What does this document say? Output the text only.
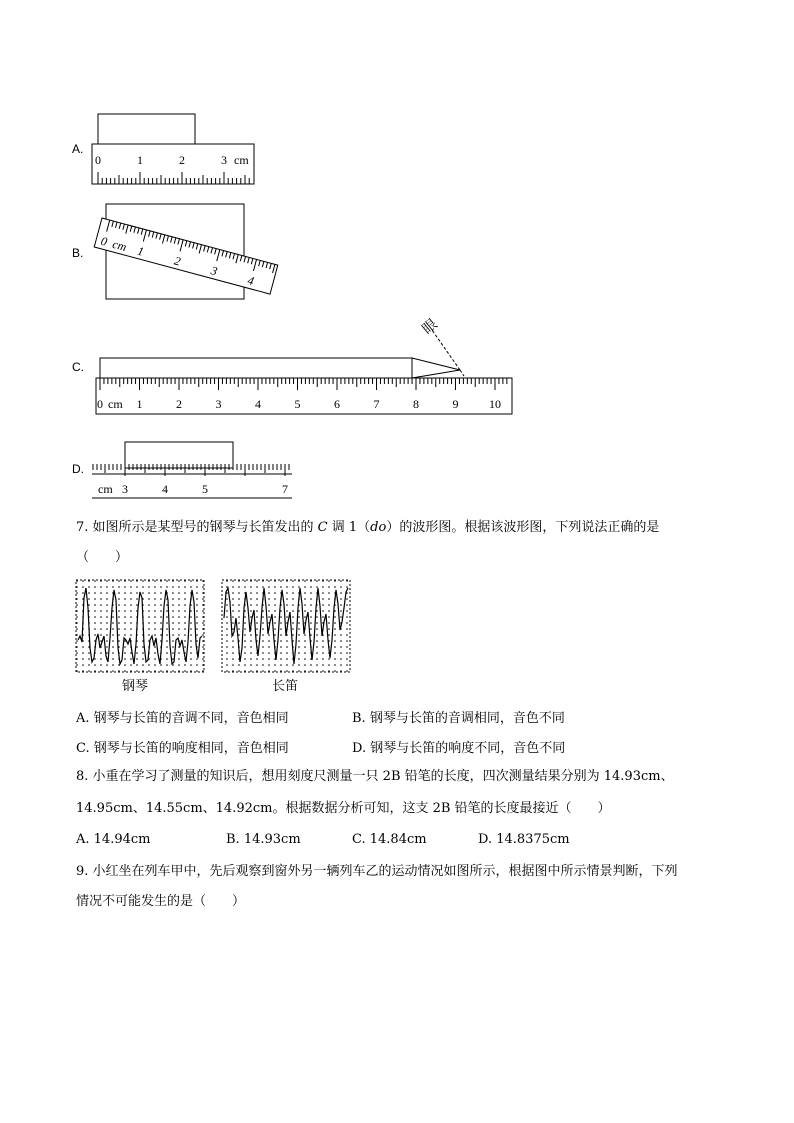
A.
0	1	2	3 cm
B.
0
1
2
3
4
cm
C.
眼
0	1	2	3	4	5	6	7	8	9	10
cm
D.
3	4	5	7
cm
7. 如图所示是某型号的钢琴与长笛发出的 C 调 1（do）的波形图。根据该波形图，下列说法正确的是
（　　）
钢琴	长笛
A. 钢琴与长笛的音调不同，音色相同	B. 钢琴与长笛的音调相同，音色不同
C. 钢琴与长笛的响度相同，音色相同	D. 钢琴与长笛的响度不同，音色不同
8. 小重在学习了测量的知识后，想用刻度尺测量一只 2B 铅笔的长度，四次测量结果分别为 14.93cm、
14.95cm、14.55cm、14.92cm。根据数据分析可知，这支 2B 铅笔的长度最接近（　　）
A. 14.94cm	B. 14.93cm	C. 14.84cm	D. 14.8375cm
9. 小红坐在列车甲中，先后观察到窗外另一辆列车乙的运动情况如图所示，根据图中所示情景判断，下列
情况不可能发生的是（　　）
